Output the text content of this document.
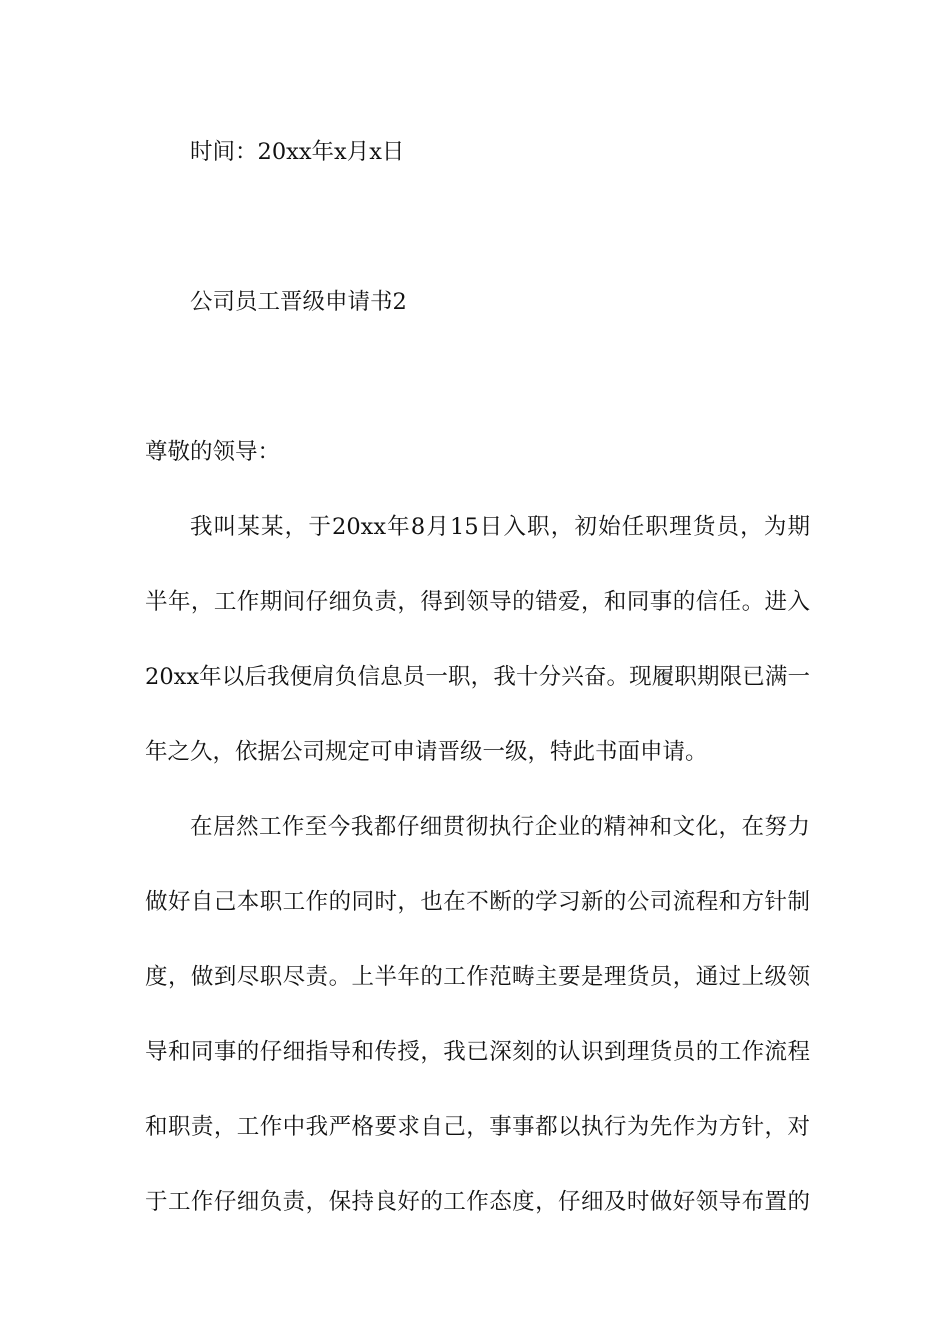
时间：20xx年x月x日
公司员工晋级申请书2
尊敬的领导：
我叫某某，于20xx年8月15日入职，初始任职理货员，为期
半年，工作期间仔细负责，得到领导的错爱，和同事的信任。进入
20xx年以后我便肩负信息员一职，我十分兴奋。现履职期限已满一
年之久，依据公司规定可申请晋级一级，特此书面申请。
在居然工作至今我都仔细贯彻执行企业的精神和文化，在努力
做好自己本职工作的同时，也在不断的学习新的公司流程和方针制
度，做到尽职尽责。上半年的工作范畴主要是理货员，通过上级领
导和同事的仔细指导和传授，我已深刻的认识到理货员的工作流程
和职责，工作中我严格要求自己，事事都以执行为先作为方针，对
于工作仔细负责，保持良好的工作态度，仔细及时做好领导布置的
